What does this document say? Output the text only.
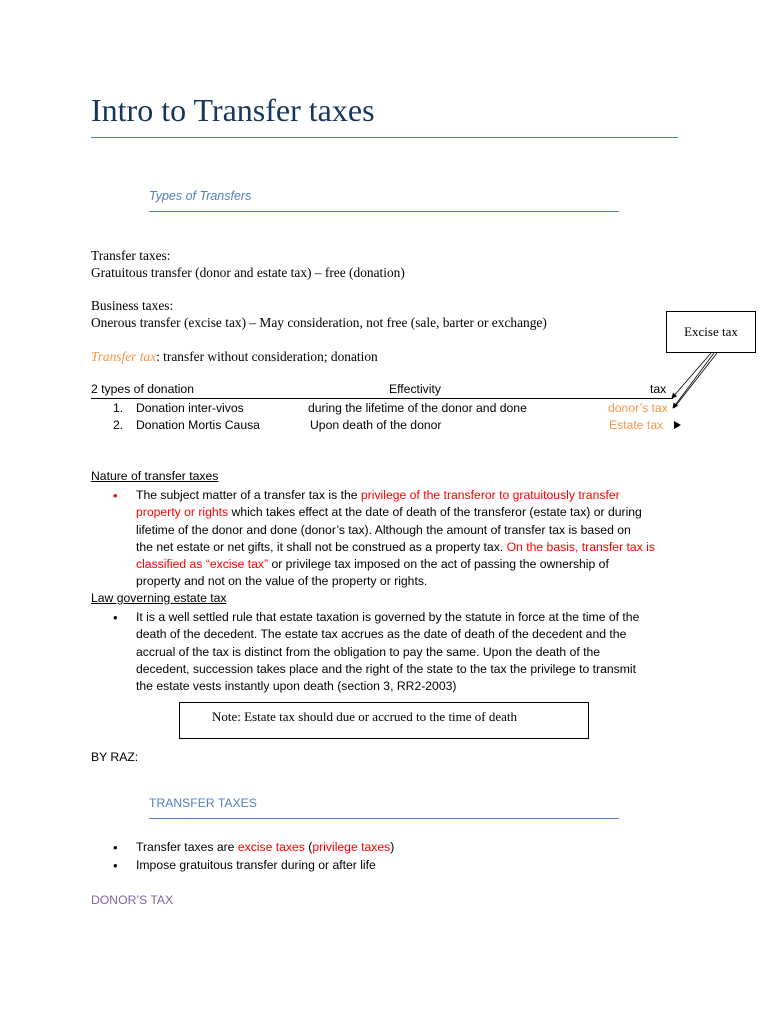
Intro to Transfer taxes
Types of Transfers
Transfer taxes:
Gratuitous transfer (donor and estate tax) – free (donation)
Business taxes:
Onerous transfer (excise tax) – May consideration, not free (sale, barter or exchange)
Excise tax
Transfer tax: transfer without consideration; donation
2 types of donation	Effectivity	tax
1. Donation inter-vivos	during the lifetime of the donor and done	donor’s tax
2. Donation Mortis Causa	Upon death of the donor	Estate tax
Nature of transfer taxes
• The subject matter of a transfer tax is the privilege of the transferor to gratuitously transfer
property or rights which takes effect at the date of death of the transferor (estate tax) or during
lifetime of the donor and done (donor’s tax). Although the amount of transfer tax is based on
the net estate or net gifts, it shall not be construed as a property tax. On the basis, transfer tax is
classified as “excise tax” or privilege tax imposed on the act of passing the ownership of
property and not on the value of the property or rights.
Law governing estate tax
• It is a well settled rule that estate taxation is governed by the statute in force at the time of the
death of the decedent. The estate tax accrues as the date of death of the decedent and the
accrual of the tax is distinct from the obligation to pay the same. Upon the death of the
decedent, succession takes place and the right of the state to the tax the privilege to transmit
the estate vests instantly upon death (section 3, RR2-2003)
Note: Estate tax should due or accrued to the time of death
BY RAZ:
TRANSFER TAXES
• Transfer taxes are excise taxes (privilege taxes)
• Impose gratuitous transfer during or after life
DONOR’S TAX
